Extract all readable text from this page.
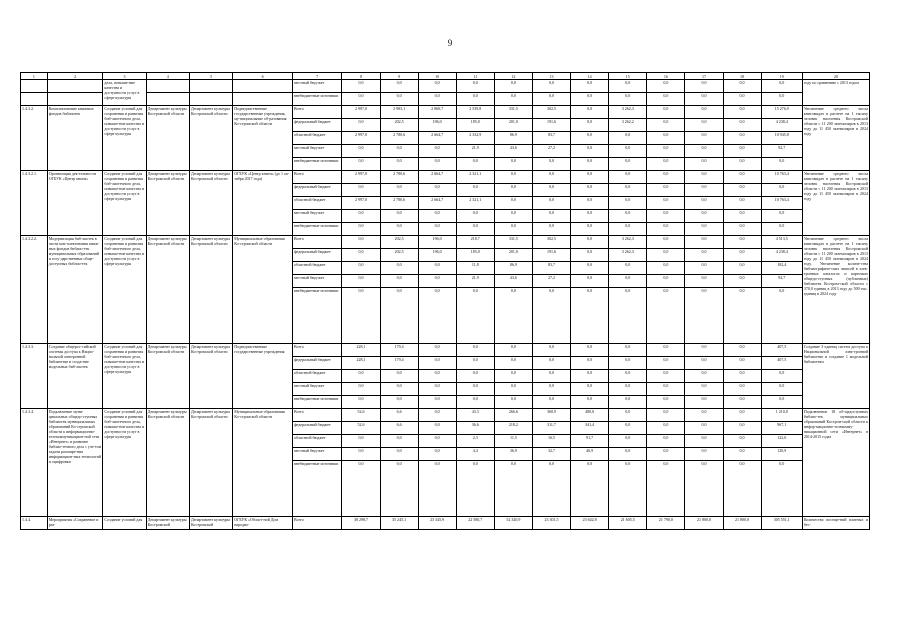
9
1	2	3	4	5	6	7	8	9	10	11	12	13	14	15	16	17	18	19	20
		дела, повыше-ние качества и доступности услуг в сфере культуры				местный бюд-жет	0,0	0,0	0,0	0,0	0,0	0,0	0,0	0,0	0,0	0,0	0,0	0,0	году по сравнению с 2013 годом
						внебюджетные источники	0,0	0,0	0,0	0,0	0,0	0,0	0,0	0,0	0,0	0,0	0,0	0,0	
1.4.3.2.	Комплектование книжных фондов библиотек	Создание условий для сохранения и развития биб-лиотечного дела, повыше-ние качества и доступности услуг в сфере культуры	Департамент культуры Костромской области	Департамент культуры Костромской области	Подведомственные государственные учреждения, му-ниципальные об-разования Ко-стромской области	Всего	2 997,0	2 983,1	2 860,7	2 539,8	331,5	302,5	0,0	3 262,3	0,0	0,0	0,0	15 276,9	Увеличение среднего числа книговыдач в расчете на 1 тысячу человек населения Костромской области с 11 200 экземпляров в 2013 году до 11 450 экземпляров в 2024 году
						федеральный бюджет	0,0	202,5	196,0	185,0	201,0	191,6	0,0	3 262,2	0,0	0,0	0,0	4 238,4	
						областной бюджет	2 997,0	2 780,6	2 664,7	2 332,9	86,9	83,7	0,0	0,0	0,0	0,0	0,0	10 945,8	
						местный бюд-жет	0,0	0,0	0,0	21,9	43,6	27,2	0,0	0,0	0,0	0,0	0,0	92,7	
						внебюджетные источники	0,0	0,0	0,0	0,0	0,0	0,0	0,0	0,0	0,0	0,0	0,0	0,0	
1.4.3.2.1.	Организация дея-тельности ОГБУК «Центр книги»	Создание условий для сохранения и развития биб-лиотечного дела, повыше-ние качества и доступности услуг в сфере культуры	Департамент культуры Костромской области	Департамент культуры Костромской области	ОГБУК «Центр книги» (до 1 ок-тября 2017 года)	Всего	2 997,0	2 780,6	2 664,7	2 321,1	0,0	0,0	0,0	0,0	0,0	0,0	0,0	10 763,4	Увеличение среднего числа книговыдач в расчете на 1 тысячу человек населения Костромской области с 11 200 экземпляров в 2013 году до 11 450 экземпляров в 2024 году
						федеральный бюджет	0,0	0,0	0,0	0,0	0,0	0,0	0,0	0,0	0,0	0,0	0,0	0,0	
						областной бюджет	2 997,0	2 780,6	2 664,7	2 321,1	0,0	0,0	0,0	0,0	0,0	0,0	0,0	10 763,4	
						местный бюд-жет	0,0	0,0	0,0	0,0	0,0	0,0	0,0	0,0	0,0	0,0	0,0	0,0	
						внебюджетные источники	0,0	0,0	0,0	0,0	0,0	0,0	0,0	0,0	0,0	0,0	0,0	0,0	
1.4.3.2.2.	Модернизация биб-лиотек в части ком-плектования книж-ных фондов библио-тек муниципальных образований и госу-дарственных обще-доступных библио-тек	Создание условий для сохранения и развития биб-лиотечного дела, повыше-ние качества и доступности услуг в сфере культуры	Департамент культуры Костромской области	Департамент культуры Костромской области	Муниципальные образования Ко-стромской области	Всего	0,0	202,5	196,0	218,7	331,5	302,5	0,0	3 262,3	0,0	0,0	0,0	4 513,5	Увеличение среднего числа книговыдач в расчете на 1 тысячу человек населения Костромской области с 11 200 экземпляров в 2013 году до 11 450 экземпляров в 2024 году. Увеличение количе-ства библиографиче-ских записей в элек-тронных каталогах и карточках общедо-ступных (публичных) библиотек Костром-ской области с 370,0 единиц в 2013 году до 500 тыс. единиц в 2024 году
						федеральный бюджет	0,0	202,5	196,0	185,0	201,0	191,6	0,0	3 262,3	0,0	0,0	0,0	4 238,4	
						областной бюджет	0,0	0,0	0,0	11,8	86,9	83,7	0,0	0,0	0,0	0,0	0,0	182,4	
						местный бюд-жет	0,0	0,0	0,0	21,9	43,6	27,2	0,0	0,0	0,0	0,0	0,0	92,7	
						внебюджетные источники	0,0	0,0	0,0	0,0	0,0	0,0	0,0	0,0	0,0	0,0	0,0	0,0	
1.4.3.3.	Создание общерос-сийской системы доступа к Нацио-нальной электронной библиотеке и созда-ние модельных биб-лиотек	Создание условий для сохранения и развития биб-лиотечного дела, повыше-ние качества и доступности услуг в сфере культуры	Департамент культуры Костромской области	Департамент культуры Костромской области	Подведомственные государственные учреждения	Всего	228,1	179,4	0,0	0,0	0,0	0,0	0,0	0,0	0,0	0,0	0,0	407,5	Создание 3 единиц систем доступа к Национальной элек-тронной библиотеке и создание 1 модельной библиотеки
						федеральный бюджет	228,1	179,4	0,0	0,0	0,0	0,0	0,0	0,0	0,0	0,0	0,0	407,5	
						областной бюджет	0,0	0,0	0,0	0,0	0,0	0,0	0,0	0,0	0,0	0,0	0,0	0,0	
						местный бюд-жет	0,0	0,0	0,0	0,0	0,0	0,0	0,0	0,0	0,0	0,0	0,0	0,0	
						внебюджетные источники	0,0	0,0	0,0	0,0	0,0	0,0	0,0	0,0	0,0	0,0	0,0	0,0	
1.4.3.4.	Подключение муни-ципальных общедо-ступных библиотек муниципальных образований Ко-стромской области к информационно-телекоммуникацион-ной сети «Интернет» и развитие библио-течного дела с уче-том задачи расшире-ния информацион-ных технологий и оцифровки	Создание условий для сохранения и развития биб-лиотечного дела, повыше-ние качества и доступности услуг в сфере культуры	Департамент культуры Костромской области	Департамент культуры Костромской области	Муниципальные образования Ко-стромской области	Всего	52,6	6,6	0,0	43,3	266,6	360,9	480,0	0,0	0,0	0,0	0,0	1 210,0	Подключение 18 об-щедоступных библио-тек муниципальных образований Костром-ской области к инфор-мационно-телекомму-никационной сети «Интернет» в 2014-2015 годах
						федеральный бюджет	52,6	6,6	0,0	36,6	218,2	311,7	341,4	0,0	0,0	0,0	0,0	967,1	
						областной бюджет	0,0	0,0	0,0	2,3	11,5	16,5	91,7	0,0	0,0	0,0	0,0	122,0	
						местный бюд-жет	0,0	0,0	0,0	4,4	36,9	32,7	46,9	0,0	0,0	0,0	0,0	120,9	
						внебюджетные источники	0,0	0,0	0,0	0,0	0,0	0,0	0,0	0,0	0,0	0,0	0,0	0,0	
1.4.4.	Мероприятия «Сохранение и раз-	Создание условий для	Департамент культуры Костромской	Департамент культуры Костромской	ОГБУК «Област-ной Дом народно-	Всего	38 298,7	35 245,1	23 345,9	22 580,7	52 320,9	23 301,5	23 642,8	21 605,5	21 790,0	21 800,0	21 800,0	305 551,1	Количество посеще-ний платных и бес-
